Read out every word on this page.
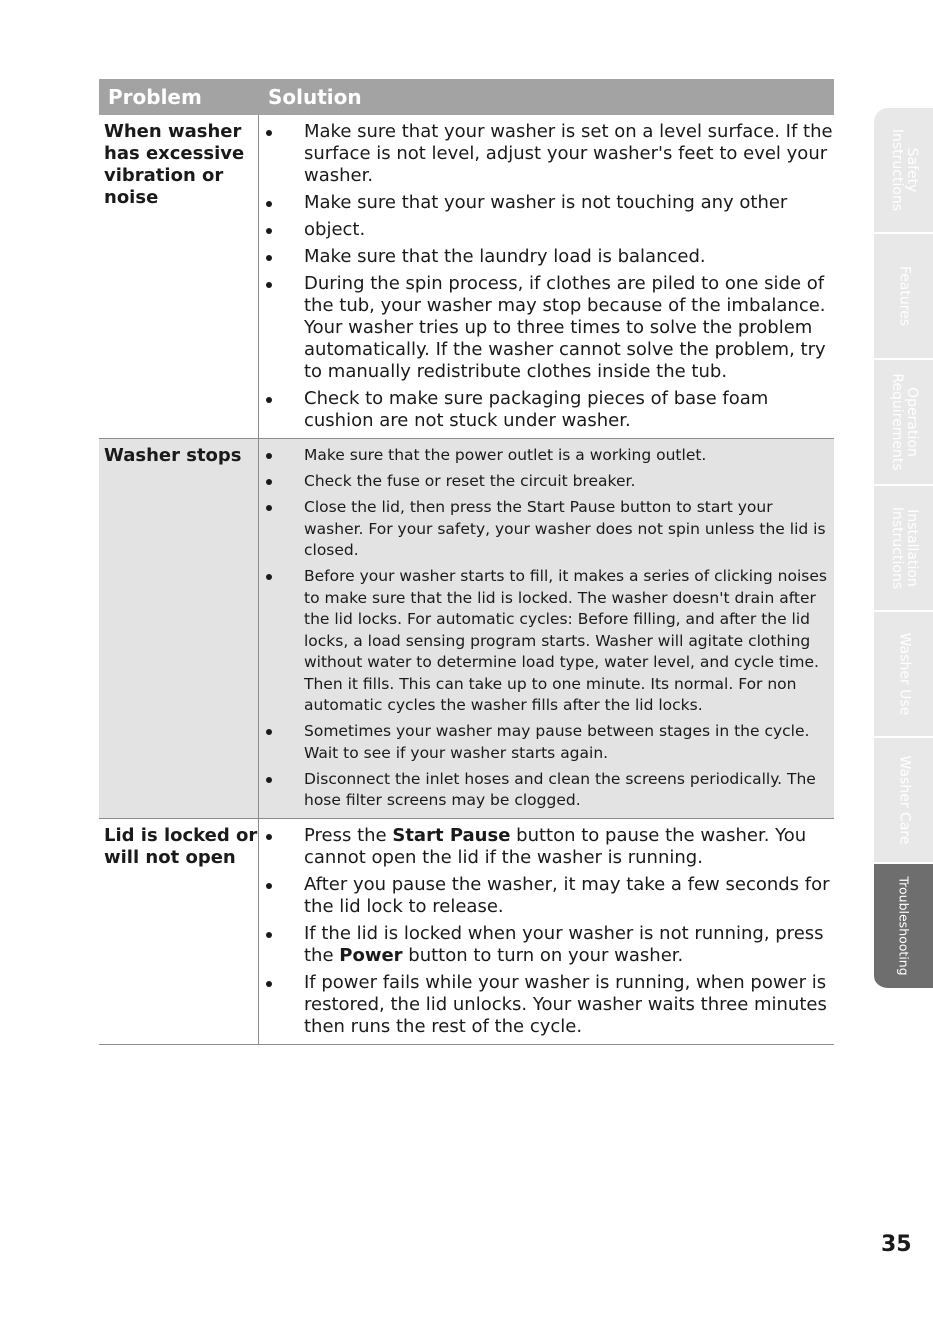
Problem	Solution
When washer has excessive vibration or noise
Make sure that your washer is set on a level surface. If the surface is not level, adjust your washer's feet to evel your washer.
Make sure that your washer is not touching any other
object.
Make sure that the laundry load is balanced.
During the spin process, if clothes are piled to one side of the tub, your washer may stop because of the imbalance. Your washer tries up to three times to solve the problem automatically. If the washer cannot solve the problem, try to manually redistribute clothes inside the tub.
Check to make sure packaging pieces of base foam cushion are not stuck under washer.
Washer stops	Make sure that the power outlet is a working outlet.
Check the fuse or reset the circuit breaker.
Close the lid, then press the Start Pause button to start your washer. For your safety, your washer does not spin unless the lid is closed.
Before your washer starts to fill, it makes a series of clicking noises to make sure that the lid is locked. The washer doesn't drain after the lid locks. For automatic cycles: Before filling, and after the lid locks, a load sensing program starts. Washer will agitate clothing without water to determine load type, water level, and cycle time. Then it fills. This can take up to one minute. Its normal. For non automatic cycles the washer fills after the lid locks.
Sometimes your washer may pause between stages in the cycle. Wait to see if your washer starts again.
Disconnect the inlet hoses and clean the screens periodically. The hose filter screens may be clogged.
Lid is locked or will not open
Press the Start Pause button to pause the washer. You cannot open the lid if the washer is running.
After you pause the washer, it may take a few seconds for the lid lock to release.
If the lid is locked when your washer is not running, press the Power button to turn on your washer.
If power fails while your washer is running, when power is restored, the lid unlocks. Your washer waits three minutes then runs the rest of the cycle.
Safety
Instructions
Features
Operation
Requirements
Installation
Instructions
Washer Use
Washer Care
Troubleshooting
35
